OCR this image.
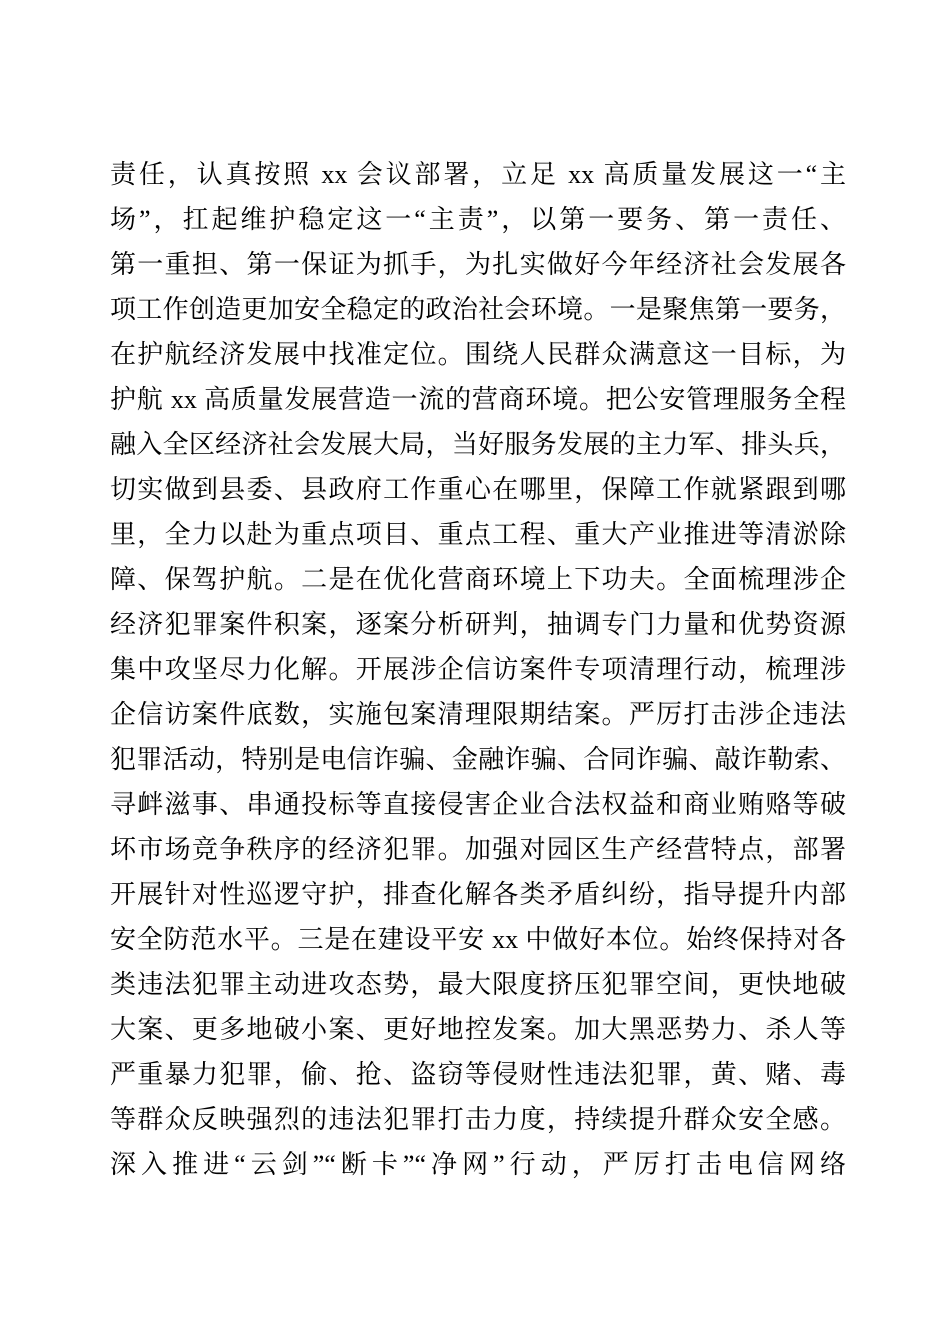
责任，认真按照 xx 会议部署，立足 xx 高质量发展这一“主
场”，扛起维护稳定这一“主责”，以第一要务、第一责任、
第一重担、第一保证为抓手，为扎实做好今年经济社会发展各
项工作创造更加安全稳定的政治社会环境。一是聚焦第一要务，
在护航经济发展中找准定位。围绕人民群众满意这一目标，为
护航 xx 高质量发展营造一流的营商环境。把公安管理服务全程
融入全区经济社会发展大局，当好服务发展的主力军、排头兵，
切实做到县委、县政府工作重心在哪里，保障工作就紧跟到哪
里，全力以赴为重点项目、重点工程、重大产业推进等清淤除
障、保驾护航。二是在优化营商环境上下功夫。全面梳理涉企
经济犯罪案件积案，逐案分析研判，抽调专门力量和优势资源
集中攻坚尽力化解。开展涉企信访案件专项清理行动，梳理涉
企信访案件底数，实施包案清理限期结案。严厉打击涉企违法
犯罪活动，特别是电信诈骗、金融诈骗、合同诈骗、敲诈勒索、
寻衅滋事、串通投标等直接侵害企业合法权益和商业贿赂等破
坏市场竞争秩序的经济犯罪。加强对园区生产经营特点，部署
开展针对性巡逻守护，排查化解各类矛盾纠纷，指导提升内部
安全防范水平。三是在建设平安 xx 中做好本位。始终保持对各
类违法犯罪主动进攻态势，最大限度挤压犯罪空间，更快地破
大案、更多地破小案、更好地控发案。加大黑恶势力、杀人等
严重暴力犯罪，偷、抢、盗窃等侵财性违法犯罪，黄、赌、毒
等群众反映强烈的违法犯罪打击力度，持续提升群众安全感。
深入推进“云剑”“断卡”“净网”行动，严厉打击电信网络
